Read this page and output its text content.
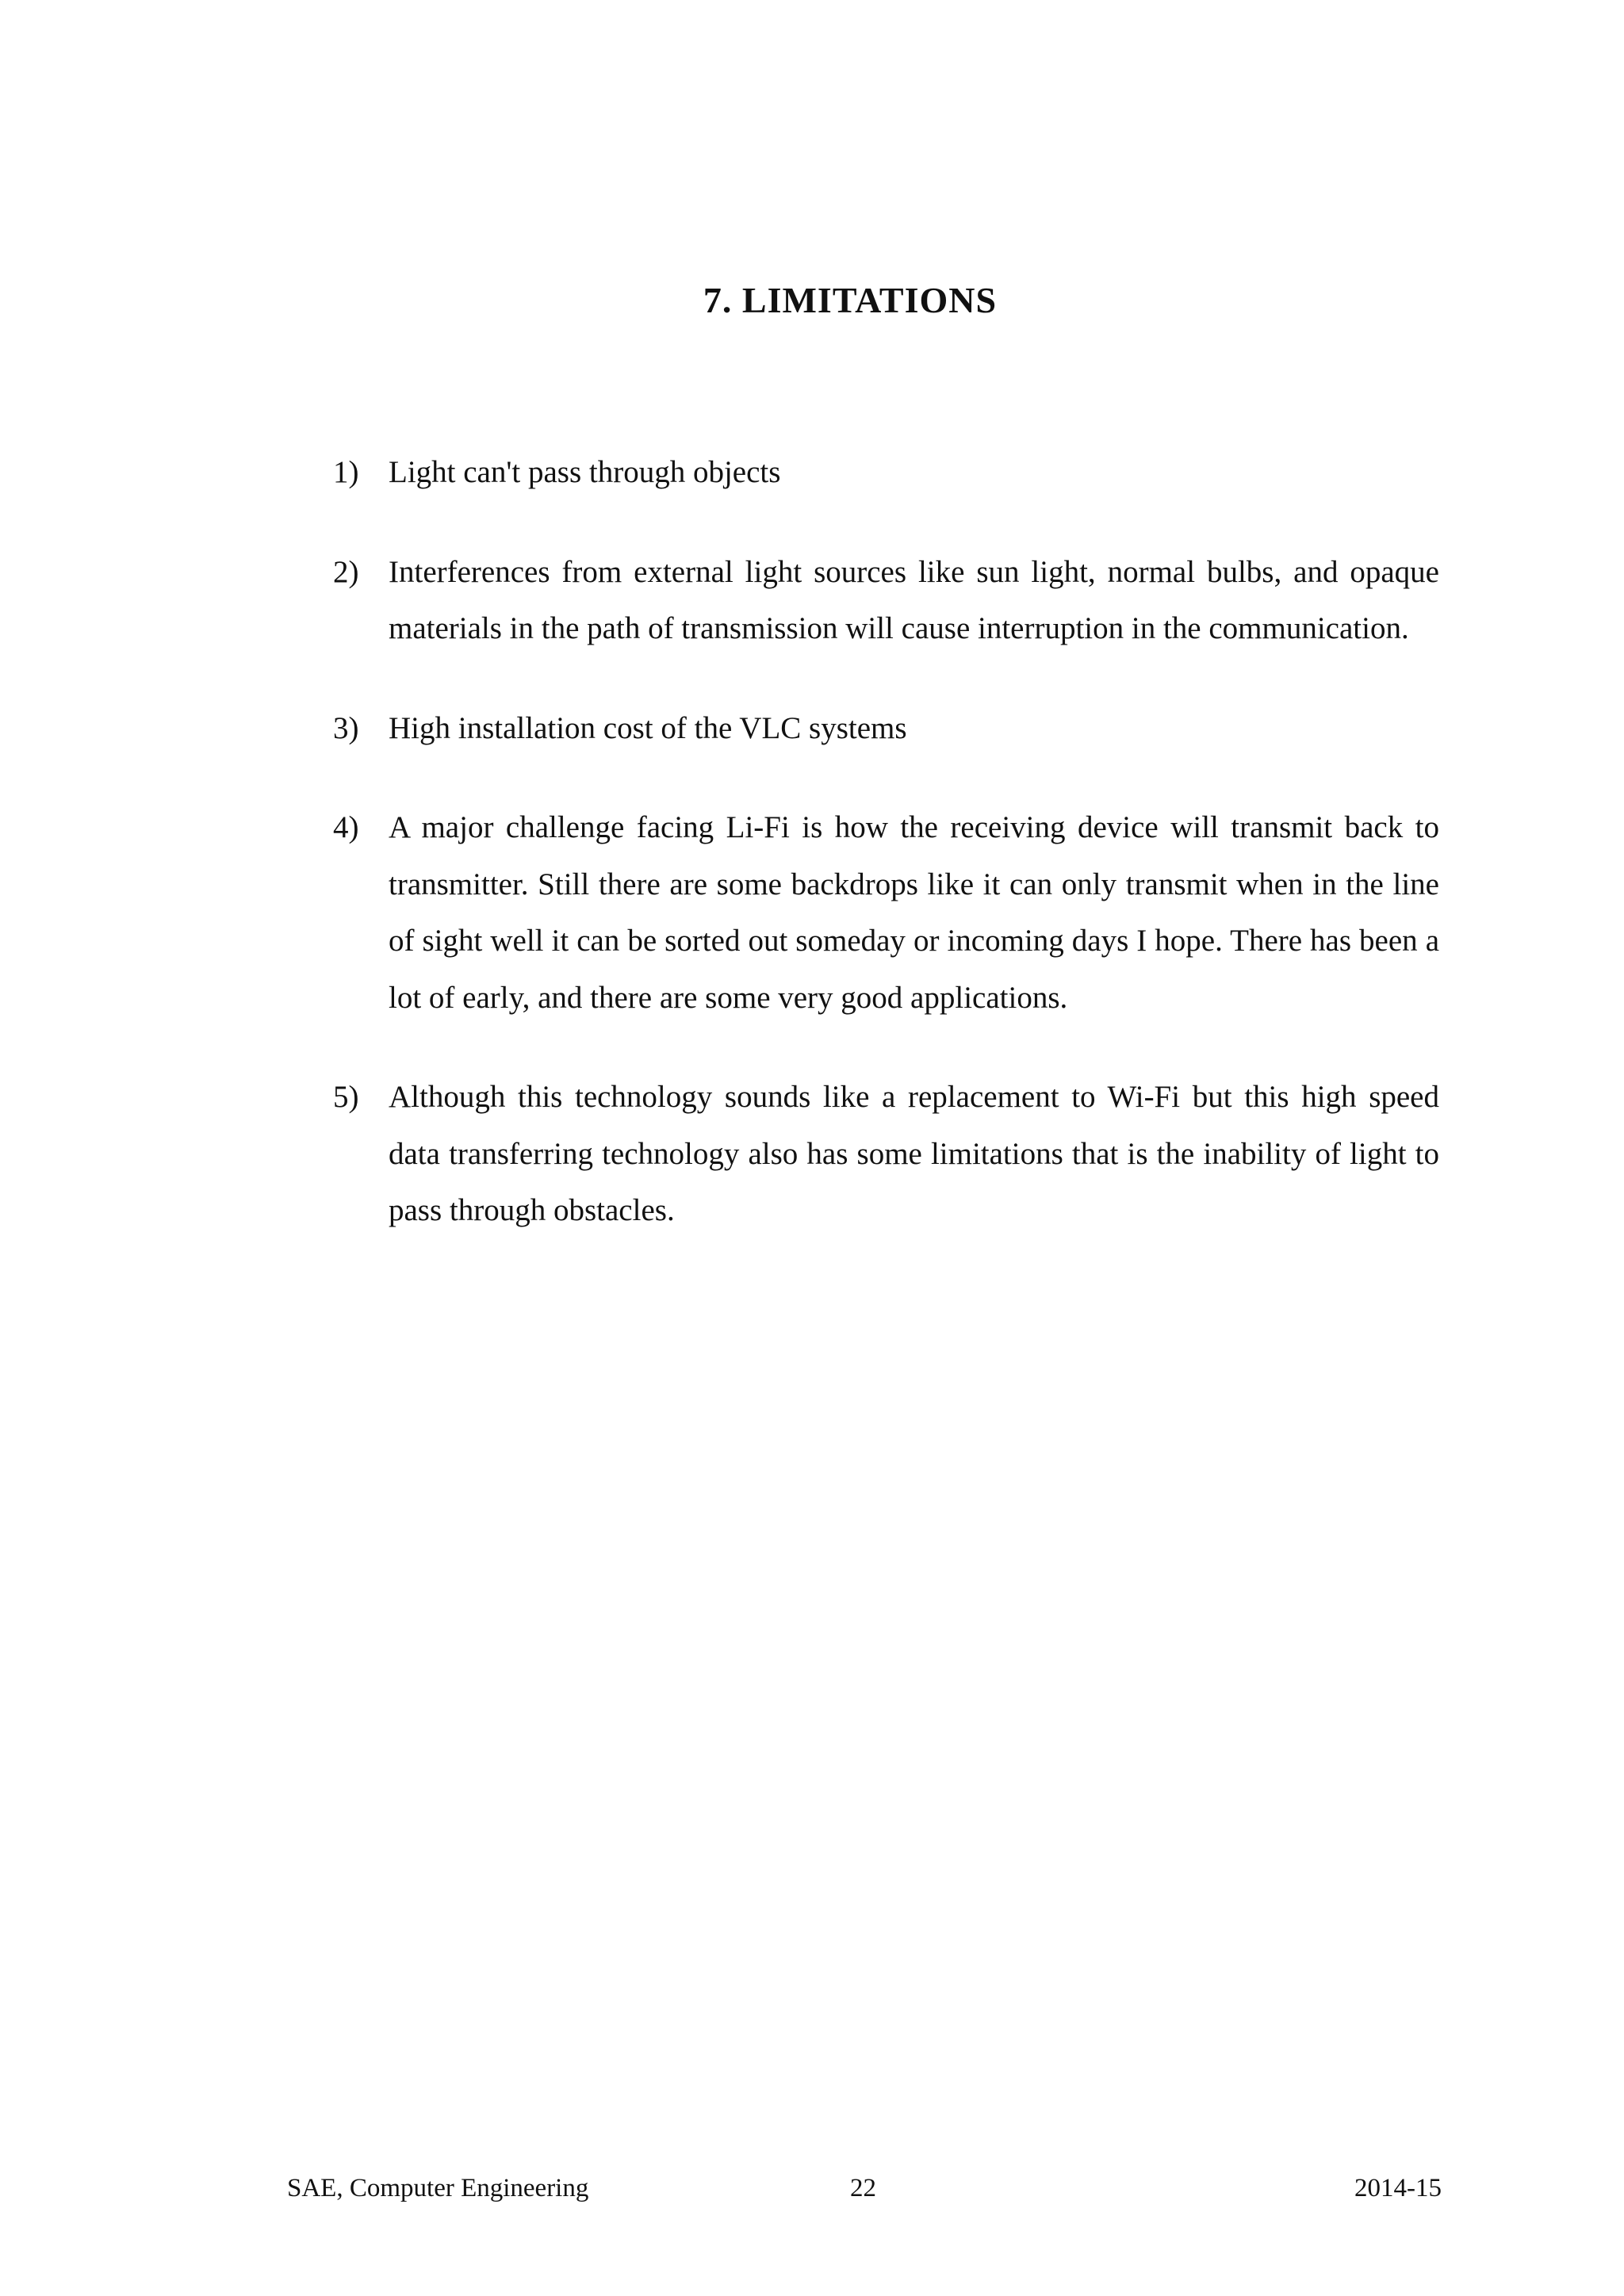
7. LIMITATIONS
1) Light can't pass through objects
2) Interferences from external light sources like sun light, normal bulbs, and opaque materials in the path of transmission will cause interruption in the communication.
3) High installation cost of the VLC systems
4) A major challenge facing Li-Fi is how the receiving device will transmit back to transmitter. Still there are some backdrops like it can only transmit when in the line of sight well it can be sorted out someday or incoming days I hope. There has been a lot of early, and there are some very good applications.
5) Although this technology sounds like a replacement to Wi-Fi but this high speed data transferring technology also has some limitations that is the inability of light to pass through obstacles.
SAE, Computer Engineering	22	2014-15
